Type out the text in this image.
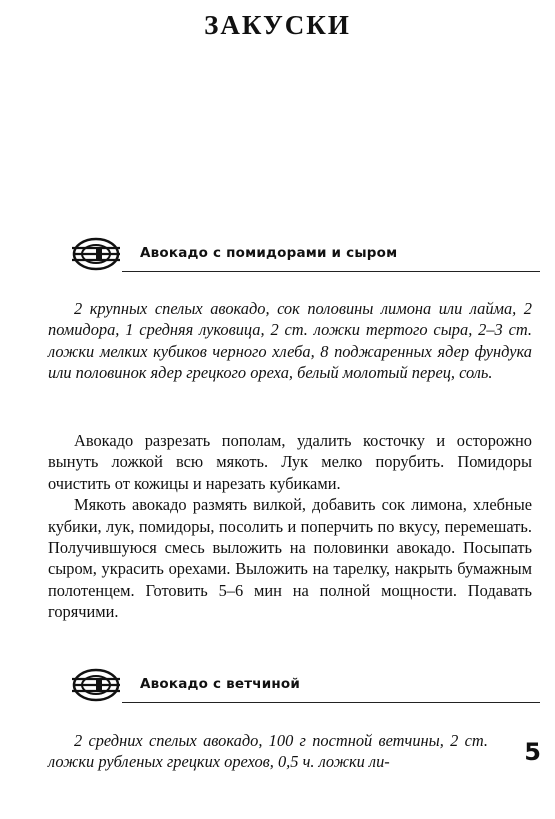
ЗАКУСКИ
Авокадо с помидорами и сыром

2 крупных спелых авокадо, сок половины лимона или лайма, 2 помидора, 1 средняя луковица, 2 ст. ложки тертого сыра, 2–3 ст. ложки мелких кубиков черного хлеба, 8 поджаренных ядер фундука или половинок ядер грецкого ореха, белый молотый перец, соль.

Авокадо разрезать пополам, удалить косточку и осторожно вынуть ложкой всю мякоть. Лук мелко порубить. Помидоры очистить от кожицы и нарезать кубиками.

Мякоть авокадо размять вилкой, добавить сок лимона, хлебные кубики, лук, помидоры, посолить и поперчить по вкусу, перемешать. Получившуюся смесь выложить на половинки авокадо. Посыпать сыром, украсить орехами. Выложить на тарелку, накрыть бумажным полотенцем. Готовить 5–6 мин на полной мощности. Подавать горячими.

Авокадо с ветчиной

2 средних спелых авокадо, 100 г постной ветчины, 2 ст. ложки рубленых грецких орехов, 0,5 ч. ложки ли-	5
